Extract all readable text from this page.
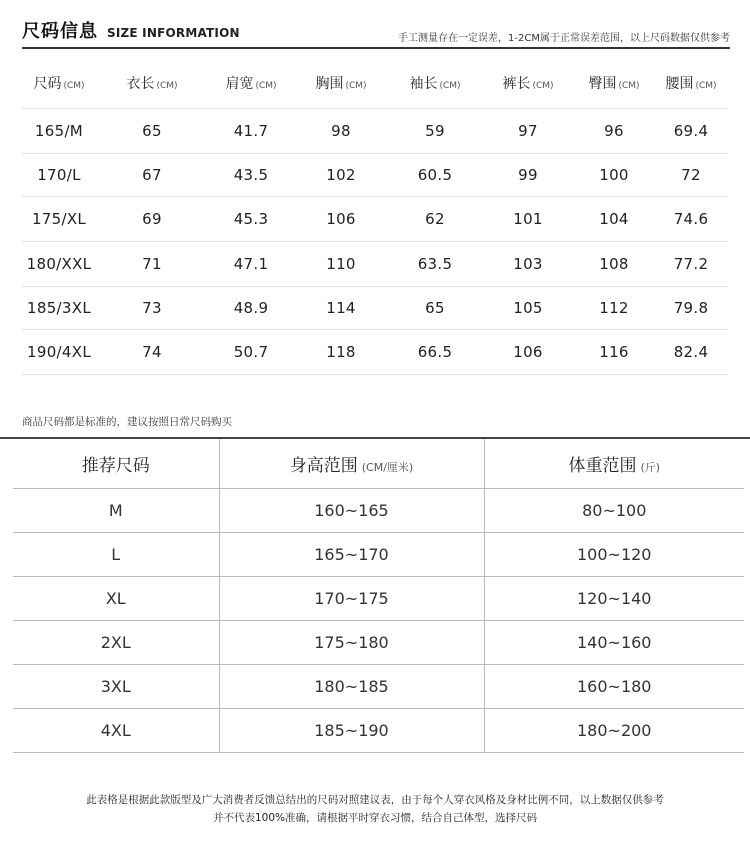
尺码信息 SIZE INFORMATION	手工测量存在一定误差，1-2CM属于正常误差范围，以上尺码数据仅供参考
尺码 (CM)	衣长 (CM)	肩宽 (CM)	胸围 (CM)	袖长 (CM)	裤长 (CM)	臀围 (CM)	腰围 (CM)
165/M	65	41.7	98	59	97	96	69.4
170/L	67	43.5	102	60.5	99	100	72
175/XL	69	45.3	106	62	101	104	74.6
180/XXL	71	47.1	110	63.5	103	108	77.2
185/3XL	73	48.9	114	65	105	112	79.8
190/4XL	74	50.7	118	66.5	106	116	82.4
商品尺码都是标准的，建议按照日常尺码购买
推荐尺码	身高范围 (CM/厘米)	体重范围 (斤)
M	160~165	80~100
L	165~170	100~120
XL	170~175	120~140
2XL	175~180	140~160
3XL	180~185	160~180
4XL	185~190	180~200
此表格是根据此款版型及广大消费者反馈总结出的尺码对照建议表，由于每个人穿衣风格及身材比例不同，以上数据仅供参考
并不代表100%准确，请根据平时穿衣习惯，结合自己体型，选择尺码
